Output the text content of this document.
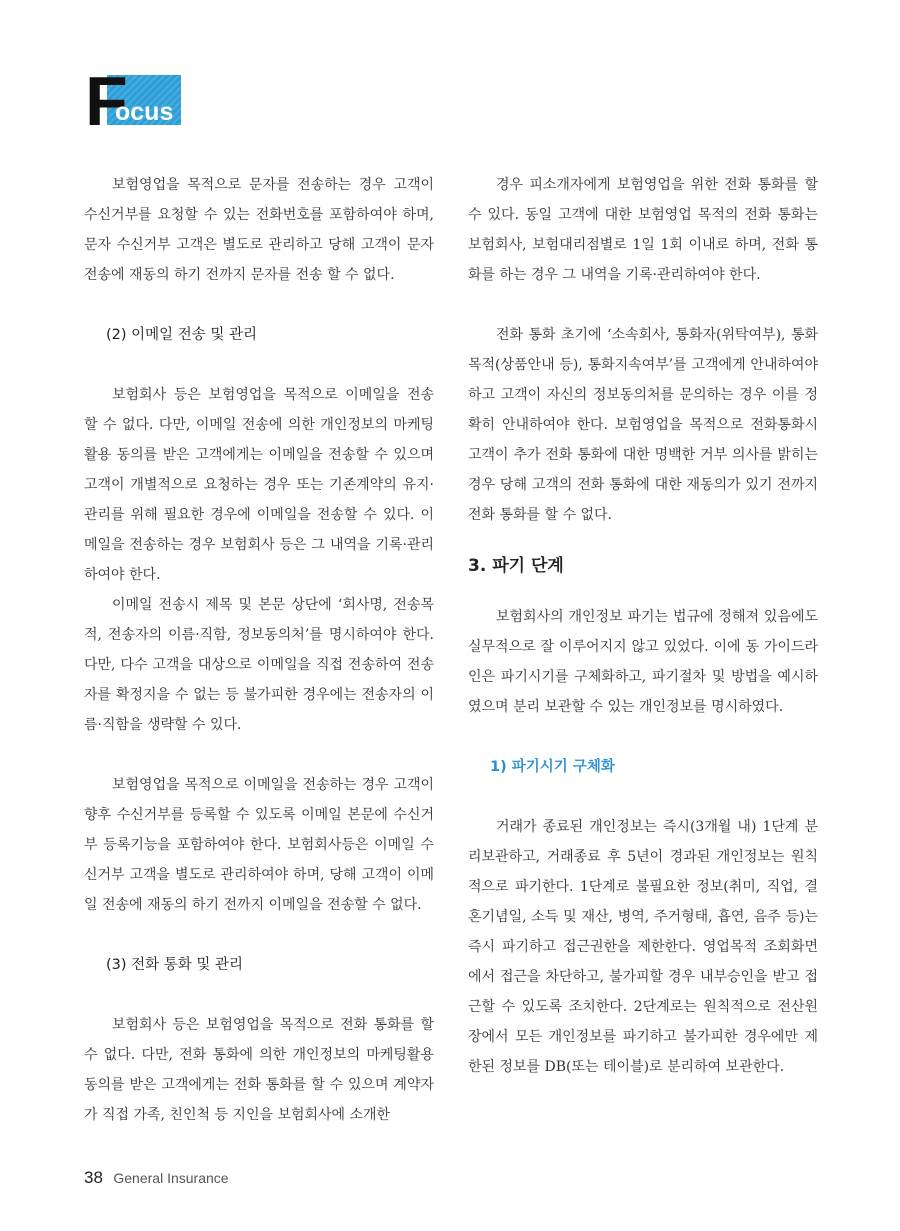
F
ocus

보험영업을 목적으로 문자를 전송하는 경우 고객이 수신거부를 요청할 수 있는 전화번호를 포함하여야 하며, 문자 수신거부 고객은 별도로 관리하고 당해 고객이 문자 전송에 재동의 하기 전까지 문자를 전송 할 수 없다.

(2) 이메일 전송 및 관리

보험회사 등은 보험영업을 목적으로 이메일을 전송 할 수 없다. 다만, 이메일 전송에 의한 개인정보의 마케팅 활용 동의를 받은 고객에게는 이메일을 전송할 수 있으며 고객이 개별적으로 요청하는 경우 또는 기존계약의 유지·관리를 위해 필요한 경우에 이메일을 전송할 수 있다. 이메일을 전송하는 경우 보험회사 등은 그 내역을 기록·관리하여야 한다.

이메일 전송시 제목 및 본문 상단에 ‘회사명, 전송목적, 전송자의 이름·직함, 정보동의처’를 명시하여야 한다. 다만, 다수 고객을 대상으로 이메일을 직접 전송하여 전송자를 확정지을 수 없는 등 불가피한 경우에는 전송자의 이름·직함을 생략할 수 있다.

보험영업을 목적으로 이메일을 전송하는 경우 고객이 향후 수신거부를 등록할 수 있도록 이메일 본문에 수신거부 등록기능을 포함하여야 한다. 보험회사등은 이메일 수신거부 고객을 별도로 관리하여야 하며, 당해 고객이 이메일 전송에 재동의 하기 전까지 이메일을 전송할 수 없다.

(3) 전화 통화 및 관리

보험회사 등은 보험영업을 목적으로 전화 통화를 할 수 없다. 다만, 전화 통화에 의한 개인정보의 마케팅활용 동의를 받은 고객에게는 전화 통화를 할 수 있으며 계약자가 직접 가족, 친인척 등 지인을 보험회사에 소개한

경우 피소개자에게 보험영업을 위한 전화 통화를 할 수 있다. 동일 고객에 대한 보험영업 목적의 전화 통화는 보험회사, 보험대리점별로 1일 1회 이내로 하며, 전화 통화를 하는 경우 그 내역을 기록·관리하여야 한다.

전화 통화 초기에 ‘소속회사, 통화자(위탁여부), 통화목적(상품안내 등), 통화지속여부’를 고객에게 안내하여야 하고 고객이 자신의 정보동의처를 문의하는 경우 이를 정확히 안내하여야 한다. 보험영업을 목적으로 전화통화시 고객이 추가 전화 통화에 대한 명백한 거부 의사를 밝히는 경우 당해 고객의 전화 통화에 대한 재동의가 있기 전까지 전화 통화를 할 수 없다.

3. 파기 단계

보험회사의 개인정보 파기는 법규에 정해져 있음에도 실무적으로 잘 이루어지지 않고 있었다. 이에 동 가이드라인은 파기시기를 구체화하고, 파기절차 및 방법을 예시하였으며 분리 보관할 수 있는 개인정보를 명시하였다.

1) 파기시기 구체화

거래가 종료된 개인정보는 즉시(3개월 내) 1단계 분리보관하고, 거래종료 후 5년이 경과된 개인정보는 원칙적으로 파기한다. 1단계로 불필요한 정보(취미, 직업, 결혼기념일, 소득 및 재산, 병역, 주거형태, 흡연, 음주 등)는 즉시 파기하고 접근권한을 제한한다. 영업목적 조회화면에서 접근을 차단하고, 불가피할 경우 내부승인을 받고 접근할 수 있도록 조치한다. 2단계로는 원칙적으로 전산원장에서 모든 개인정보를 파기하고 불가피한 경우에만 제한된 정보를 DB(또는 테이블)로 분리하여 보관한다.

38 General Insurance
